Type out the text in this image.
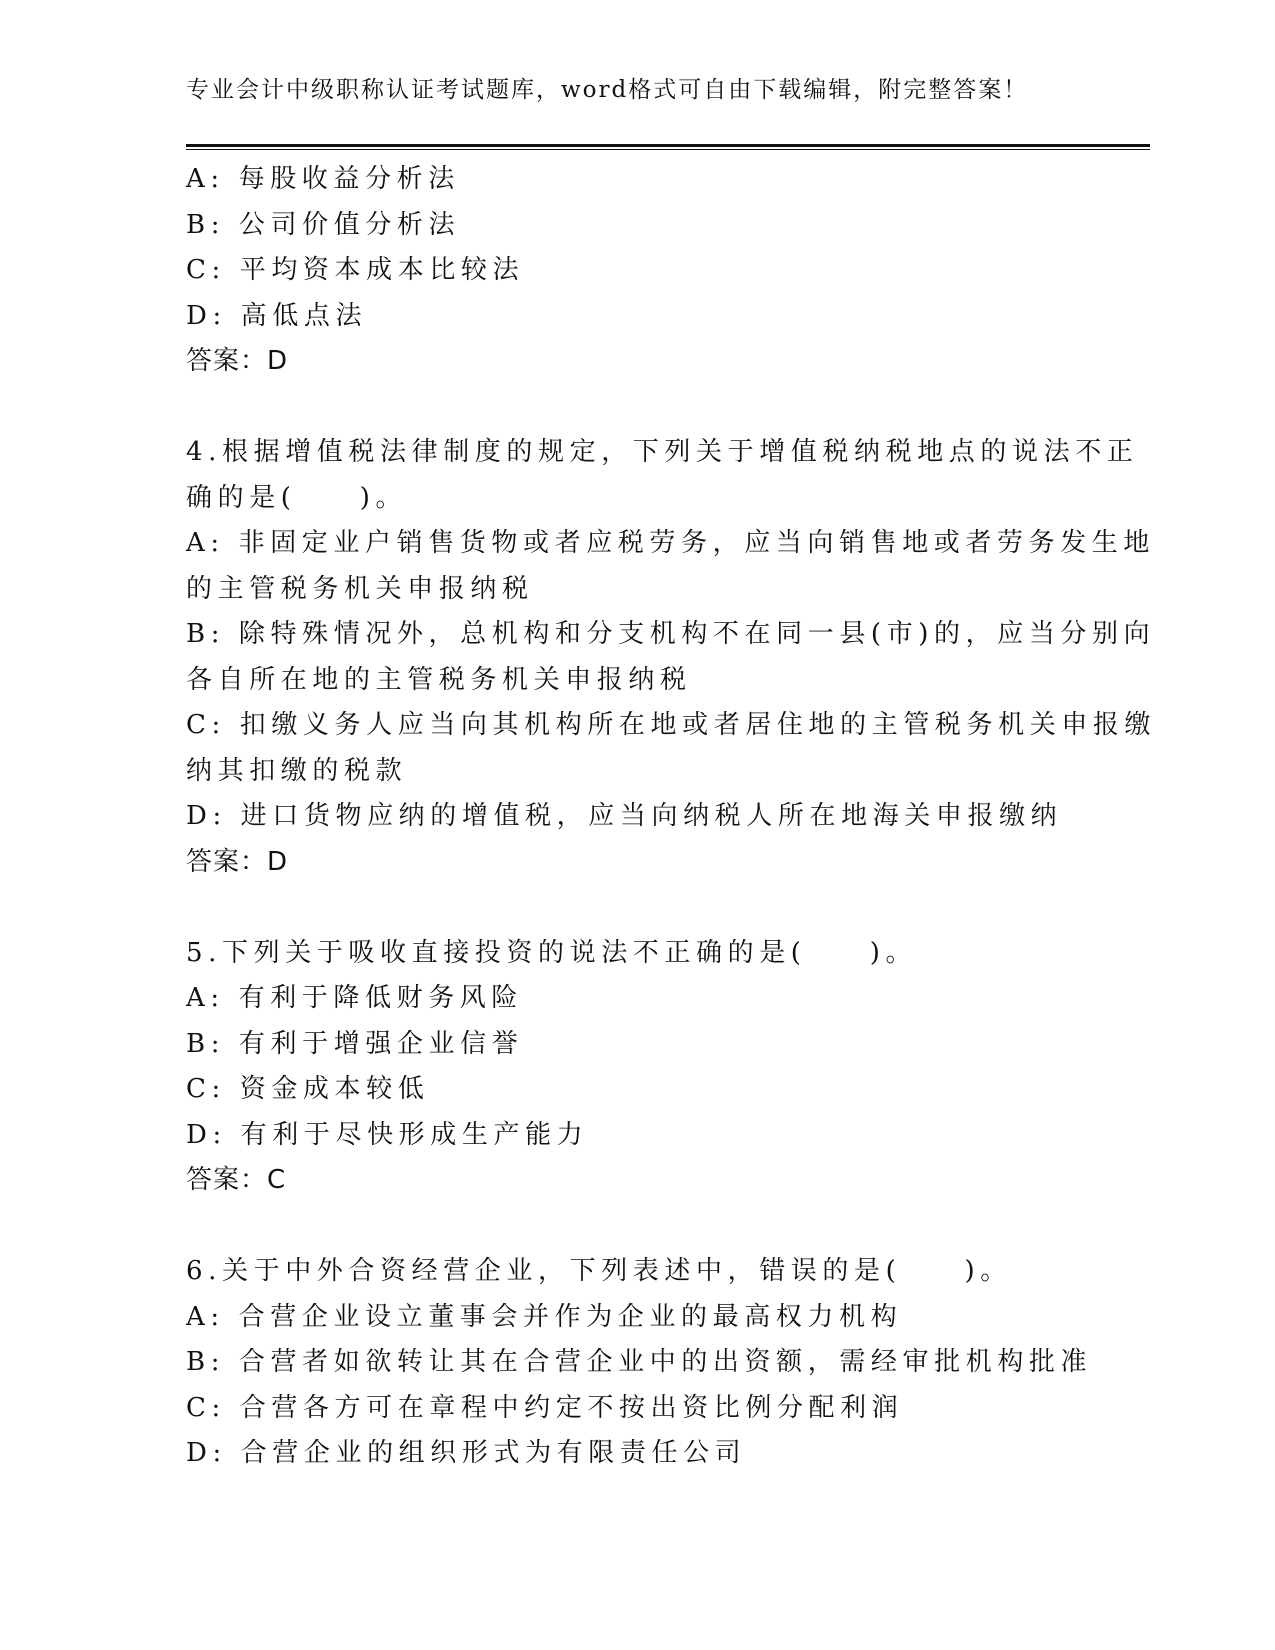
专业会计中级职称认证考试题库，word格式可自由下载编辑，附完整答案！
A: 每股收益分析法
B: 公司价值分析法
C: 平均资本成本比较法
D: 高低点法
答案：D
4.根据增值税法律制度的规定，下列关于增值税纳税地点的说法不正
确的是(　　)。
A: 非固定业户销售货物或者应税劳务，应当向销售地或者劳务发生地
的主管税务机关申报纳税
B: 除特殊情况外，总机构和分支机构不在同一县(市)的，应当分别向
各自所在地的主管税务机关申报纳税
C: 扣缴义务人应当向其机构所在地或者居住地的主管税务机关申报缴
纳其扣缴的税款
D: 进口货物应纳的增值税，应当向纳税人所在地海关申报缴纳
答案：D
5.下列关于吸收直接投资的说法不正确的是(　　)。
A: 有利于降低财务风险
B: 有利于增强企业信誉
C: 资金成本较低
D: 有利于尽快形成生产能力
答案：C
6.关于中外合资经营企业，下列表述中，错误的是(　　)。
A: 合营企业设立董事会并作为企业的最高权力机构
B: 合营者如欲转让其在合营企业中的出资额，需经审批机构批准
C: 合营各方可在章程中约定不按出资比例分配利润
D: 合营企业的组织形式为有限责任公司
